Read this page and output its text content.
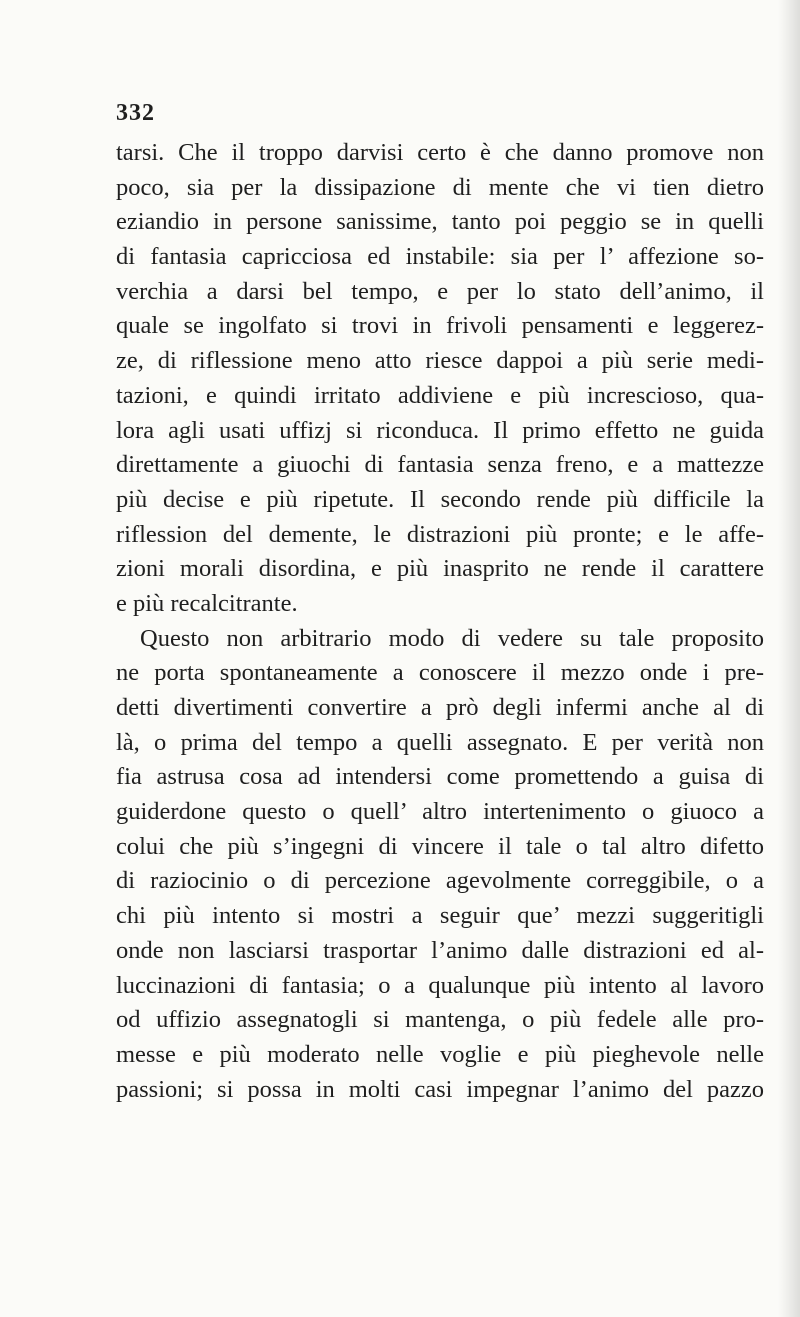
332
tarsi. Che il troppo darvisi certo è che danno promove non
poco, sia per la dissipazione di mente che vi tien dietro
eziandio in persone sanissime, tanto poi peggio se in quelli
di fantasia capricciosa ed instabile: sia per l’ affezione so-
verchia a darsi bel tempo, e per lo stato dell’animo, il
quale se ingolfato si trovi in frivoli pensamenti e leggerez-
ze, di riflessione meno atto riesce dappoi a più serie medi-
tazioni, e quindi irritato addiviene e più increscioso, qua-
lora agli usati uffizj si riconduca. Il primo effetto ne guida
direttamente a giuochi di fantasia senza freno, e a mattezze
più decise e più ripetute. Il secondo rende più difficile la
riflession del demente, le distrazioni più pronte; e le affe-
zioni morali disordina, e più inasprito ne rende il carattere
e più recalcitrante.
Questo non arbitrario modo di vedere su tale proposito
ne porta spontaneamente a conoscere il mezzo onde i pre-
detti divertimenti convertire a prò degli infermi anche al di
là, o prima del tempo a quelli assegnato. E per verità non
fia astrusa cosa ad intendersi come promettendo a guisa di
guiderdone questo o quell’ altro intertenimento o giuoco a
colui che più s’ingegni di vincere il tale o tal altro difetto
di raziocinio o di percezione agevolmente correggibile, o a
chi più intento si mostri a seguir que’ mezzi suggeritigli
onde non lasciarsi trasportar l’animo dalle distrazioni ed al-
luccinazioni di fantasia; o a qualunque più intento al lavoro
od uffizio assegnatogli si mantenga, o più fedele alle pro-
messe e più moderato nelle voglie e più pieghevole nelle
passioni; si possa in molti casi impegnar l’animo del pazzo
